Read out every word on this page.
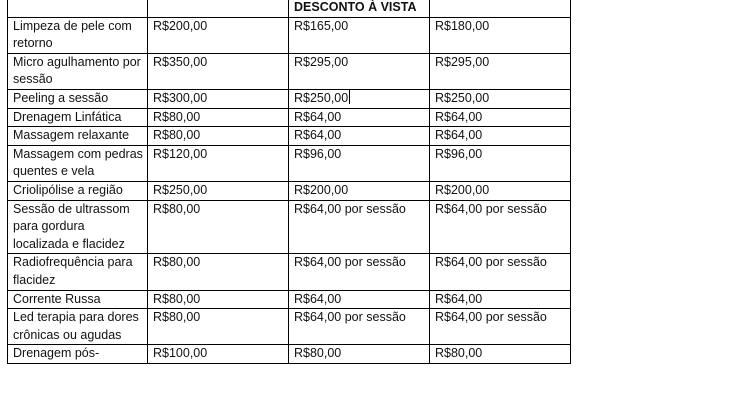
		DESCONTO À VISTA	
Limpeza de pele com retorno	R$200,00	R$165,00	R$180,00
Micro agulhamento por sessão	R$350,00	R$295,00	R$295,00
Peeling a sessão	R$300,00	R$250,00	R$250,00
Drenagem Linfática	R$80,00	R$64,00	R$64,00
Massagem relaxante	R$80,00	R$64,00	R$64,00
Massagem com pedras quentes e vela	R$120,00	R$96,00	R$96,00
Criolipólise a região	R$250,00	R$200,00	R$200,00
Sessão de ultrassom para gordura localizada e flacidez	R$80,00	R$64,00 por sessão	R$64,00 por sessão
Radiofrequência para flacidez	R$80,00	R$64,00 por sessão	R$64,00 por sessão
Corrente Russa	R$80,00	R$64,00	R$64,00
Led terapia para dores crônicas ou agudas	R$80,00	R$64,00 por sessão	R$64,00 por sessão
Drenagem pós-	R$100,00	R$80,00	R$80,00
